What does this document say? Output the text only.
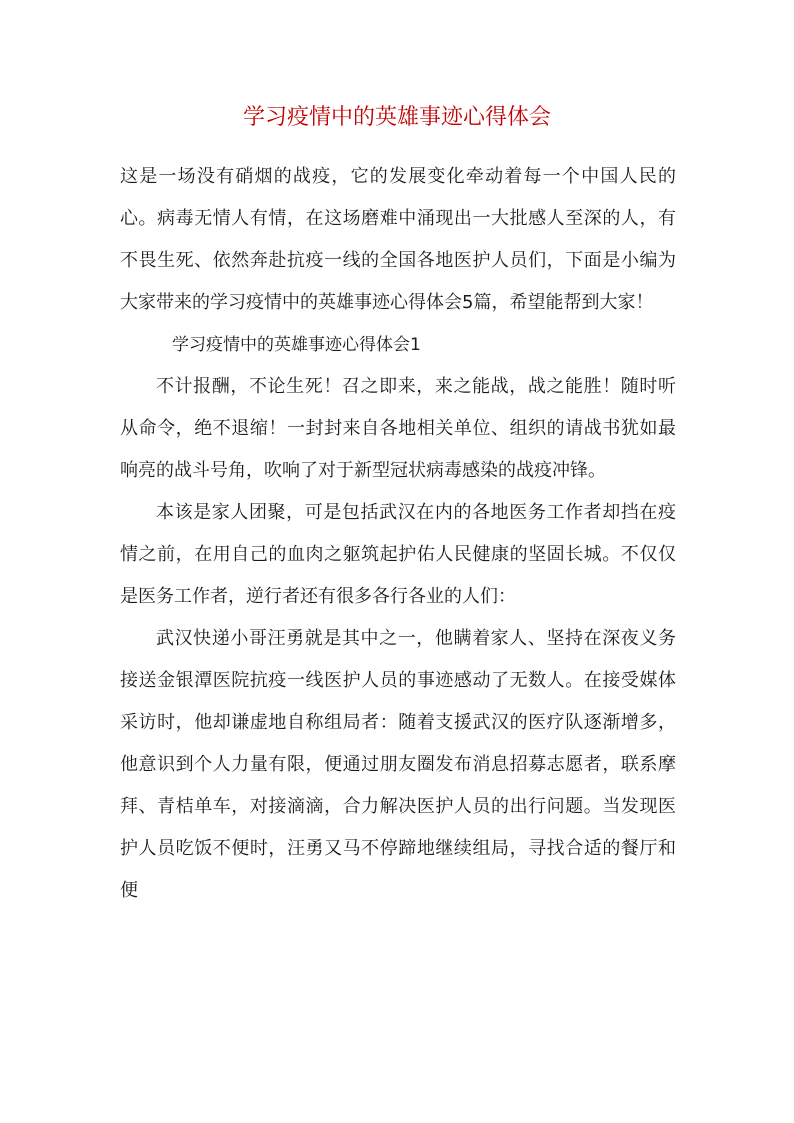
学习疫情中的英雄事迹心得体会

这是一场没有硝烟的战疫，它的发展变化牵动着每一个中国人民的心。病毒无情人有情，在这场磨难中涌现出一大批感人至深的人，有不畏生死、依然奔赴抗疫一线的全国各地医护人员们，下面是小编为大家带来的学习疫情中的英雄事迹心得体会5篇，希望能帮到大家！

学习疫情中的英雄事迹心得体会1

不计报酬，不论生死！召之即来，来之能战，战之能胜！随时听从命令，绝不退缩！一封封来自各地相关单位、组织的请战书犹如最响亮的战斗号角，吹响了对于新型冠状病毒感染的战疫冲锋。

本该是家人团聚，可是包括武汉在内的各地医务工作者却挡在疫情之前，在用自己的血肉之躯筑起护佑人民健康的坚固长城。不仅仅是医务工作者，逆行者还有很多各行各业的人们：

武汉快递小哥汪勇就是其中之一，他瞒着家人、坚持在深夜义务接送金银潭医院抗疫一线医护人员的事迹感动了无数人。在接受媒体采访时，他却谦虚地自称组局者：随着支援武汉的医疗队逐渐增多，他意识到个人力量有限，便通过朋友圈发布消息招募志愿者，联系摩拜、青桔单车，对接滴滴，合力解决医护人员的出行问题。当发现医护人员吃饭不便时，汪勇又马不停蹄地继续组局，寻找合适的餐厅和便
